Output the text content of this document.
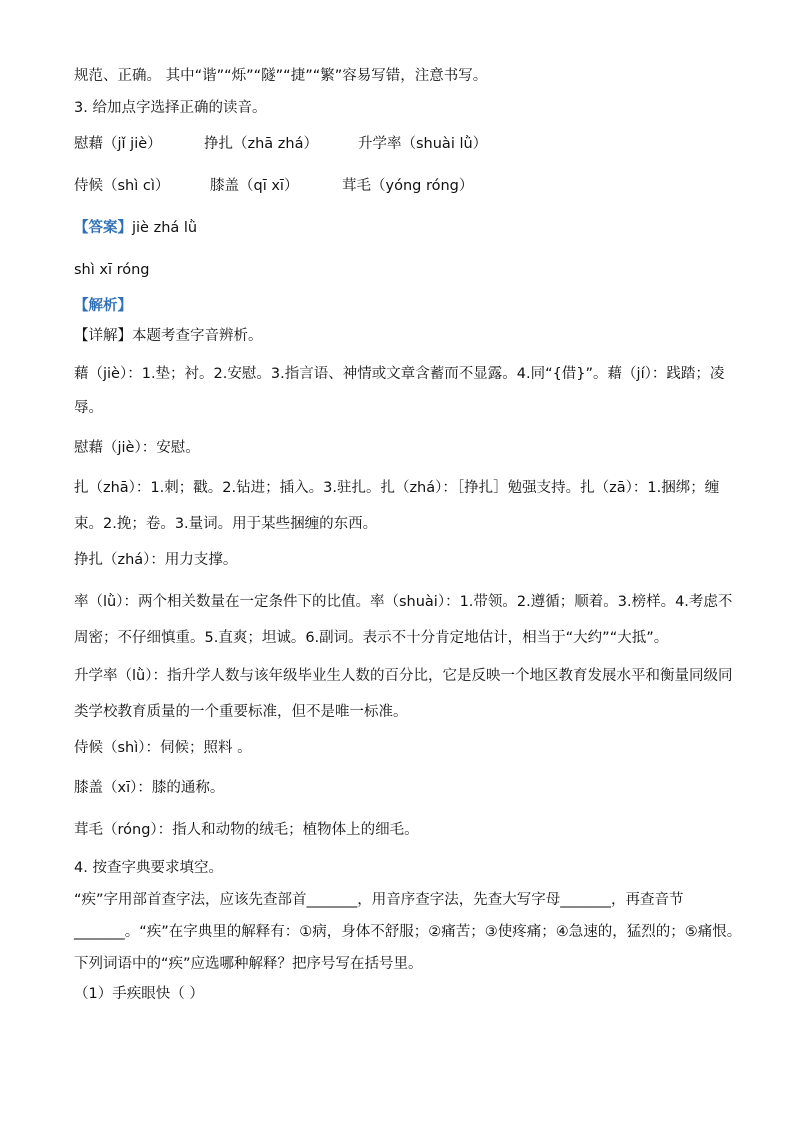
规范、正确。 其中“谐”“烁”“隧”“捷”“繁”容易写错，注意书写。
3. 给加点字选择正确的读音。
慰藉（jǐ jiè）	挣扎（zhā zhá）	升学率（shuài lǜ）
侍候（shì cì）	膝盖（qī xī）	茸毛（yóng róng）
【答案】jiè zhá lǜ
shì xī róng
【解析】
【详解】本题考查字音辨析。
藉（jiè）：1.垫；衬。2.安慰。3.指言语、神情或文章含蓄而不显露。4.同“{借}”。藉（jí）：践踏；凌
辱。
慰藉（jiè）：安慰。
扎（zhā）：1.刺；戳。2.钻进；插入。3.驻扎。扎（zhá）：［挣扎］勉强支持。扎（zā）：1.捆绑；缠
束。2.挽；卷。3.量词。用于某些捆缠的东西。
挣扎（zhá）：用力支撑。
率（lǜ）：两个相关数量在一定条件下的比值。率（shuài）：1.带领。2.遵循；顺着。3.榜样。4.考虑不
周密；不仔细慎重。5.直爽；坦诚。6.副词。表示不十分肯定地估计，相当于“大约”“大抵”。
升学率（lǜ）：指升学人数与该年级毕业生人数的百分比，它是反映一个地区教育发展水平和衡量同级同
类学校教育质量的一个重要标准，但不是唯一标准。
侍候（shì）：伺候；照料 。
膝盖（xī）：膝的通称。
茸毛（róng）：指人和动物的绒毛；植物体上的细毛。
4. 按查字典要求填空。
“疾”字用部首查字法，应该先查部首_______，用音序查字法，先查大写字母_______，再查音节
_______。“疾”在字典里的解释有：①病，身体不舒服；②痛苦；③使疼痛；④急速的，猛烈的；⑤痛恨。
下列词语中的“疾”应选哪种解释？把序号写在括号里。
（1）手疾眼快（ ）
